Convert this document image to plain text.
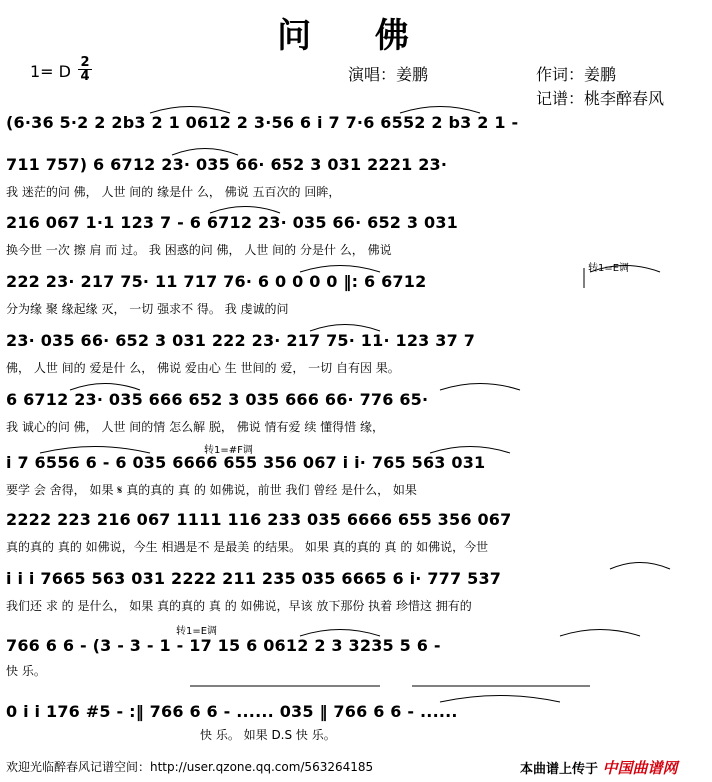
问 佛
1= D 2
4	演唱：姜鹏	作词：姜鹏
记谱：桃李醉春风
(6·36 5·2 2 2b3 2 1 0612 2 3·56 6 i 7 7·6 6552 2 b3 2 1 -
711 757) 6 6712 23· 035 66· 652 3 031 2221 23·
我 迷茫的问 佛， 人世 间的 缘是什 么， 佛说 五百次的 回眸，
216 067 1·1 123 7 - 6 6712 23· 035 66· 652 3 031
换今世 一次 擦 肩 而 过。 我 困惑的问 佛， 人世 间的 分是什 么， 佛说
222 23· 217 75· 11 717 76· 6 0 0 0 0 ‖: 6 6712
分为缘 聚 缘起缘 灭， 一切 强求不 得。 我 虔诚的问
23· 035 66· 652 3 031 222 23· 217 75· 11· 123 37 7
佛， 人世 间的 爱是什 么， 佛说 爱由心 生 世间的 爱， 一切 自有因 果。
6 6712 23· 035 666 652 3 035 666 66· 776 65·
我 诚心的问 佛， 人世 间的情 怎么解 脱， 佛说 情有爱 续 懂得惜 缘，
i 7 6556 6 - 6 035 6666 655 356 067 i i· 765 563 031
要学 会 舍得， 如果 𝄋 真的真的 真 的 如佛说，前世 我们 曾经 是什么， 如果
2222 223 216 067 1111 116 233 035 6666 655 356 067
真的真的 真的 如佛说，今生 相遇是不 是最美 的结果。 如果 真的真的 真 的 如佛说，今世
i i i 7665 563 031 2222 211 235 035 6665 6 i· 777 537
我们还 求 的 是什么， 如果 真的真的 真 的 如佛说，早该 放下那份 执着 珍惜这 拥有的
766 6 6 - (3 - 3 - 1 - 17 15 6 0612 2 3 3235 5 6 -
快 乐。
0 i i 176 #5 - :‖ 766 6 6 - ...... 035 ‖ 766 6 6 - ......
快 乐。 如果 D.S 快 乐。
转1=E调
转1=#F调
转1=E调
欢迎光临醉春风记谱空间：http://user.qzone.qq.com/563264185	本曲谱上传于 中国曲谱网
